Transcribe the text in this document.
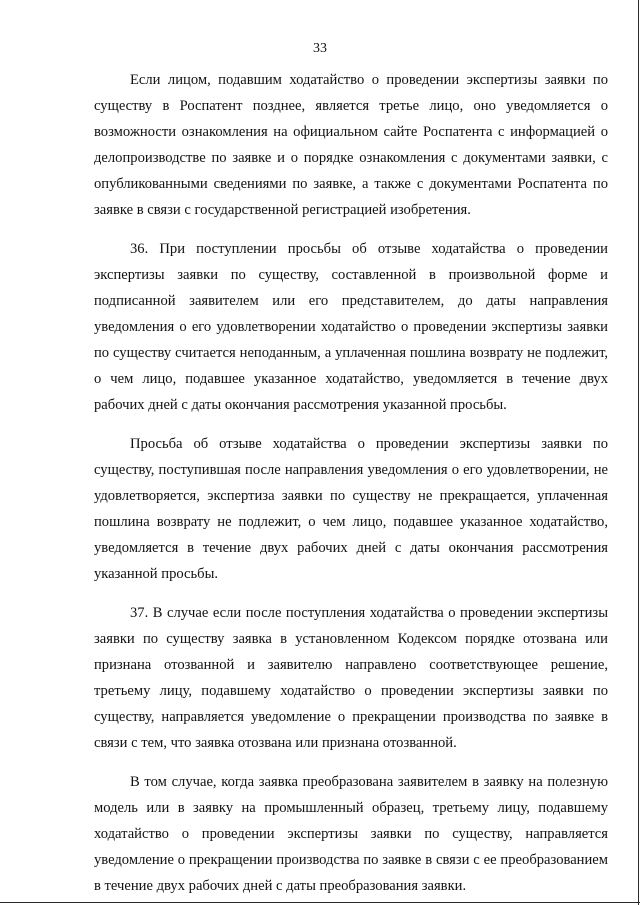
33

Если лицом, подавшим ходатайство о проведении экспертизы заявки по существу в Роспатент позднее, является третье лицо, оно уведомляется о возможности ознакомления на официальном сайте Роспатента с информацией о делопроизводстве по заявке и о порядке ознакомления с документами заявки, с опубликованными сведениями по заявке, а также с документами Роспатента по заявке в связи с государственной регистрацией изобретения.

36. При поступлении просьбы об отзыве ходатайства о проведении экспертизы заявки по существу, составленной в произвольной форме и подписанной заявителем или его представителем, до даты направления уведомления о его удовлетворении ходатайство о проведении экспертизы заявки по существу считается неподанным, а уплаченная пошлина возврату не подлежит, о чем лицо, подавшее указанное ходатайство, уведомляется в течение двух рабочих дней с даты окончания рассмотрения указанной просьбы.

Просьба об отзыве ходатайства о проведении экспертизы заявки по существу, поступившая после направления уведомления о его удовлетворении, не удовлетворяется, экспертиза заявки по существу не прекращается, уплаченная пошлина возврату не подлежит, о чем лицо, подавшее указанное ходатайство, уведомляется в течение двух рабочих дней с даты окончания рассмотрения указанной просьбы.

37. В случае если после поступления ходатайства о проведении экспертизы заявки по существу заявка в установленном Кодексом порядке отозвана или признана отозванной и заявителю направлено соответствующее решение, третьему лицу, подавшему ходатайство о проведении экспертизы заявки по существу, направляется уведомление о прекращении производства по заявке в связи с тем, что заявка отозвана или признана отозванной.

В том случае, когда заявка преобразована заявителем в заявку на полезную модель или в заявку на промышленный образец, третьему лицу, подавшему ходатайство о проведении экспертизы заявки по существу, направляется уведомление о прекращении производства по заявке в связи с ее преобразованием в течение двух рабочих дней с даты преобразования заявки.
